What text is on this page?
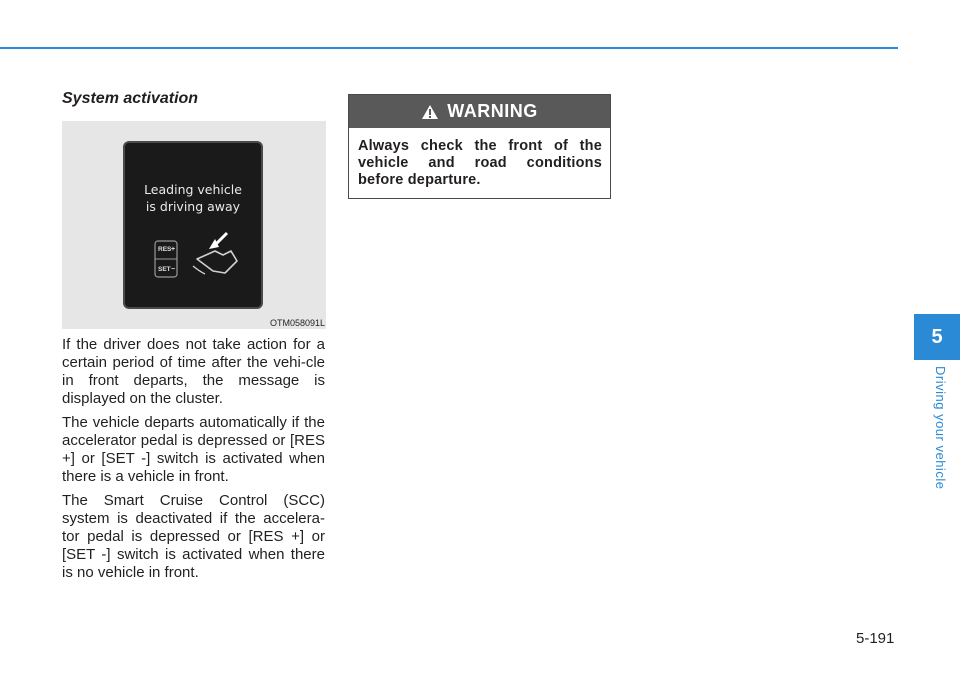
System activation
Leading vehicle
is driving away
RES +
SET −
OTM058091L

If the driver does not take action for a certain period of time after the vehi-cle in front departs, the message is displayed on the cluster.

The vehicle departs automatically if the accelerator pedal is depressed or [RES +] or [SET -] switch is activated when there is a vehicle in front.

The Smart Cruise Control (SCC) system is deactivated if the accelera-tor pedal is depressed or [RES +] or [SET -] switch is activated when there is no vehicle in front.

WARNING
Always check the front of the vehicle and road conditions before departure.
5
Driving your vehicle
5-191
